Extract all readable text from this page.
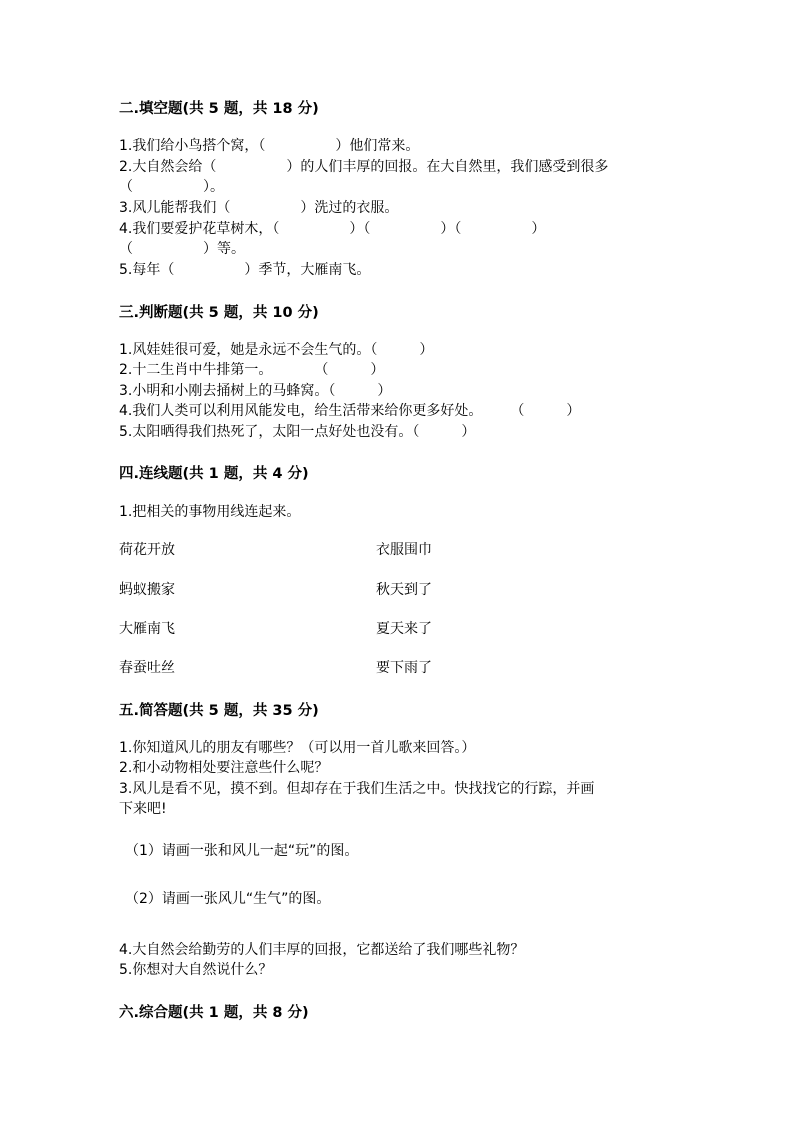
二.填空题(共 5 题，共 18 分)
1.我们给小鸟搭个窝，（　　　　　）他们常来。
2.大自然会给（　　　　　）的人们丰厚的回报。在大自然里，我们感受到很多
（　　　　　）。
3.风儿能帮我们（　　　　　）洗过的衣服。
4.我们要爱护花草树木，（　　　　　）（　　　　　）（　　　　　）
（　　　　　）等。
5.每年（　　　　　）季节，大雁南飞。
三.判断题(共 5 题，共 10 分)
1.风娃娃很可爱，她是永远不会生气的。（　　　）
2.十二生肖中牛排第一。　　　　（　　　）
3.小明和小刚去捅树上的马蜂窝。（　　　）
4.我们人类可以利用风能发电，给生活带来给你更多好处。　　　（　　　）
5.太阳晒得我们热死了，太阳一点好处也没有。（　　　）
四.连线题(共 1 题，共 4 分)
1.把相关的事物用线连起来。
荷花开放	衣服围巾
蚂蚁搬家	秋天到了
大雁南飞	夏天来了
春蚕吐丝	要下雨了
五.简答题(共 5 题，共 35 分)
1.你知道风儿的朋友有哪些？（可以用一首儿歌来回答。）
2.和小动物相处要注意些什么呢？
3.风儿是看不见，摸不到。但却存在于我们生活之中。快找找它的行踪，并画
下来吧!
（1）请画一张和风儿一起“玩”的图。
（2）请画一张风儿“生气”的图。
4.大自然会给勤劳的人们丰厚的回报，它都送给了我们哪些礼物？
5.你想对大自然说什么？
六.综合题(共 1 题，共 8 分)
